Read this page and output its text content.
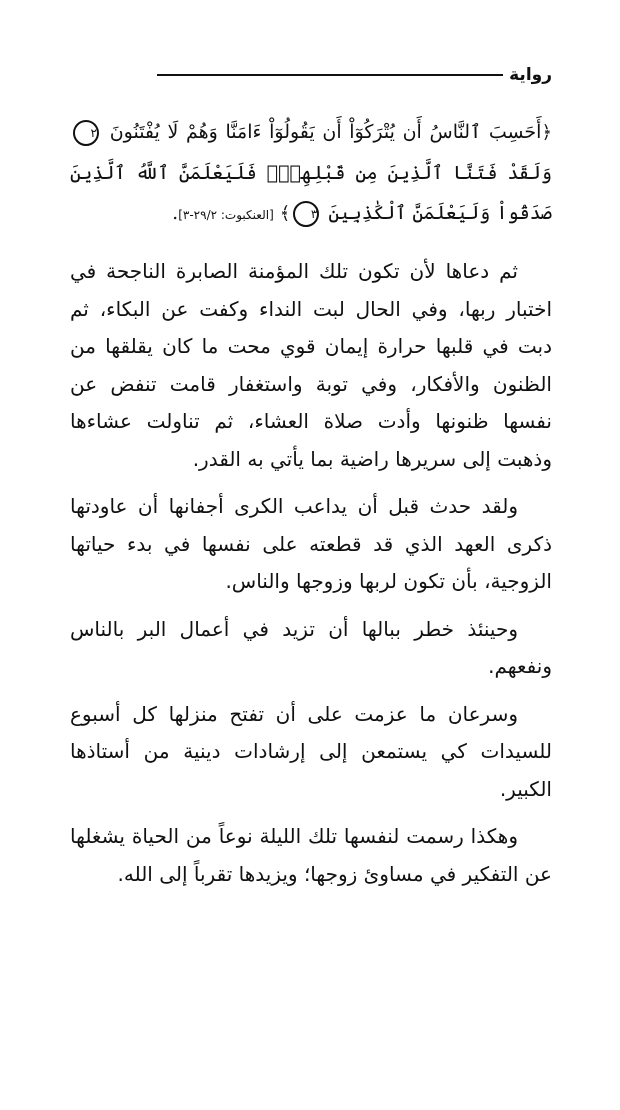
رواية
﴿أَحَسِبَ ٱلنَّاسُ أَن يُتْرَكُوٓاْ أَن يَقُولُوٓاْ ءَامَنَّا وَهُمْ لَا يُفْتَنُونَ ٢ وَلَقَدْ فَتَنَّا ٱلَّذِينَ مِن قَبْلِهِمْۖ فَلَيَعْلَمَنَّ ٱللَّهُ ٱلَّذِينَ صَدَقُواْ وَلَيَعْلَمَنَّ ٱلْكَٰذِبِينَ ٣﴾ [العنكبوت: ٢٩/٢-٣].

ثم دعاها لأن تكون تلك المؤمنة الصابرة الناجحة في اختبار ربها، وفي الحال لبت النداء وكفت عن البكاء، ثم دبت في قلبها حرارة إيمان قوي محت ما كان يقلقها من الظنون والأفكار، وفي توبة واستغفار قامت تنفض عن نفسها ظنونها وأدت صلاة العشاء، ثم تناولت عشاءها وذهبت إلى سريرها راضية بما يأتي به القدر.

ولقد حدث قبل أن يداعب الكرى أجفانها أن عاودتها ذكرى العهد الذي قد قطعته على نفسها في بدء حياتها الزوجية، بأن تكون لربها وزوجها والناس.

وحينئذ خطر ببالها أن تزيد في أعمال البر بالناس ونفعهم.

وسرعان ما عزمت على أن تفتح منزلها كل أسبوع للسيدات كي يستمعن إلى إرشادات دينية من أستاذها الكبير.

وهكذا رسمت لنفسها تلك الليلة نوعاً من الحياة يشغلها عن التفكير في مساوئ زوجها؛ ويزيدها تقرباً إلى الله.
